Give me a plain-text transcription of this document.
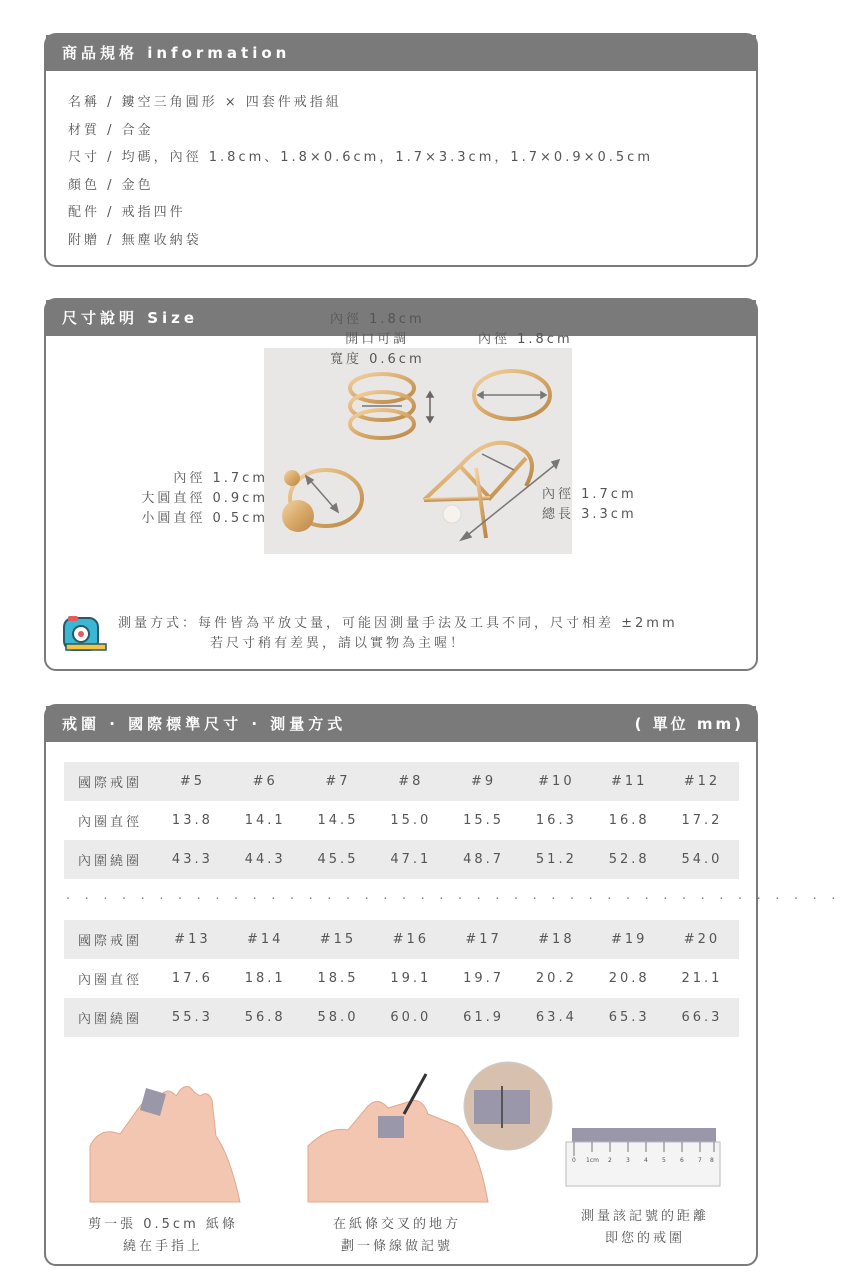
商品規格 information
名稱 / 鏤空三角圓形 × 四套件戒指組
材質 / 合金
尺寸 / 均碼，內徑 1.8cm、1.8×0.6cm，1.7×3.3cm，1.7×0.9×0.5cm
顏色 / 金色
配件 / 戒指四件
附贈 / 無塵收納袋
尺寸說明 Size	內徑 1.8cm
開口可調
寬度 0.6cm
內徑 1.8cm
內徑 1.7cm
大圓直徑 0.9cm
小圓直徑 0.5cm
內徑 1.7cm
總長 3.3cm
測量方式：每件皆為平放丈量，可能因測量手法及工具不同，尺寸相差 ±2mm
若尺寸稍有差異，請以實物為主喔！
戒圍 · 國際標準尺寸 · 測量方式	( 單位 mm)
國際戒圍	#5	#6	#7	#8	#9	#10	#11	#12
內圈直徑	13.8	14.1	14.5	15.0	15.5	16.3	16.8	17.2
內圍繞圈	43.3	44.3	45.5	47.1	48.7	51.2	52.8	54.0
. . . . . . . . . . . . . . . . . . . . . . . . . . . . . . . . . . . . . . . . . .
國際戒圍	#13	#14	#15	#16	#17	#18	#19	#20
內圈直徑	17.6	18.1	18.5	19.1	19.7	20.2	20.8	21.1
內圍繞圈	55.3	56.8	58.0	60.0	61.9	63.4	65.3	66.3
0 1cm 2 3 4 5 6 7 8
剪一張 0.5cm 紙條
繞在手指上
在紙條交叉的地方
劃一條線做記號
測量該記號的距離
即您的戒圍
